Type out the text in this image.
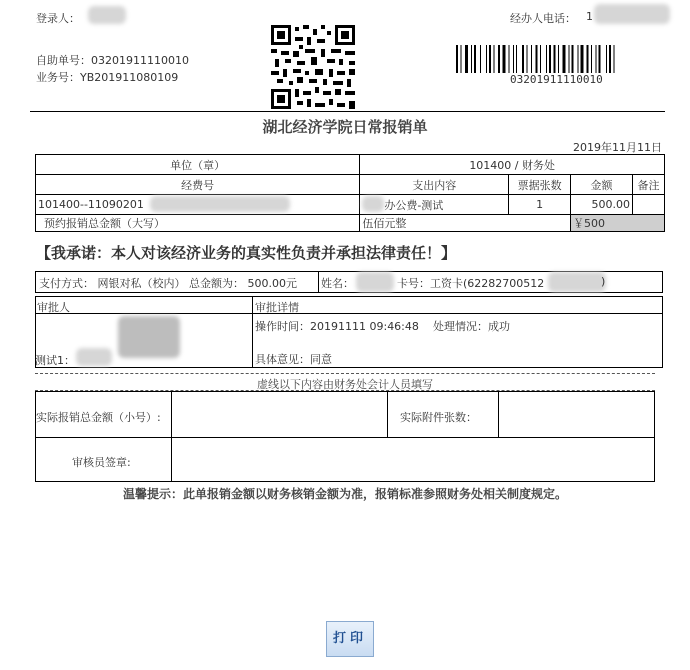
登录人：	经办人电话： 1
自助单号：03201911110010
业务号：YB201911080109	03201911110010
湖北经济学院日常报销单
2019年11月11日
单位（章）	101400 / 财务处			
经费号	支出内容	票据张数	金额	备注
101400--11090201	办公费-测试	1	500.00	
预约报销总金额（大写）	伍佰元整		￥500	
【我承诺：本人对该经济业务的真实性负责并承担法律责任！】
支付方式： 网银对私（校内） 总金额为： 500.00元 姓名：	卡号：工资卡(62282700512	)
审批人	审批详情
测试1：
操作时间：20191111 09:46:48 处理情况：成功
具体意见：同意
虚线以下内容由财务处会计人员填写
实际报销总金额（小号）:	实际附件张数：
审核员签章:
温馨提示：此单报销金额以财务核销金额为准，报销标准参照财务处相关制度规定。
打印
